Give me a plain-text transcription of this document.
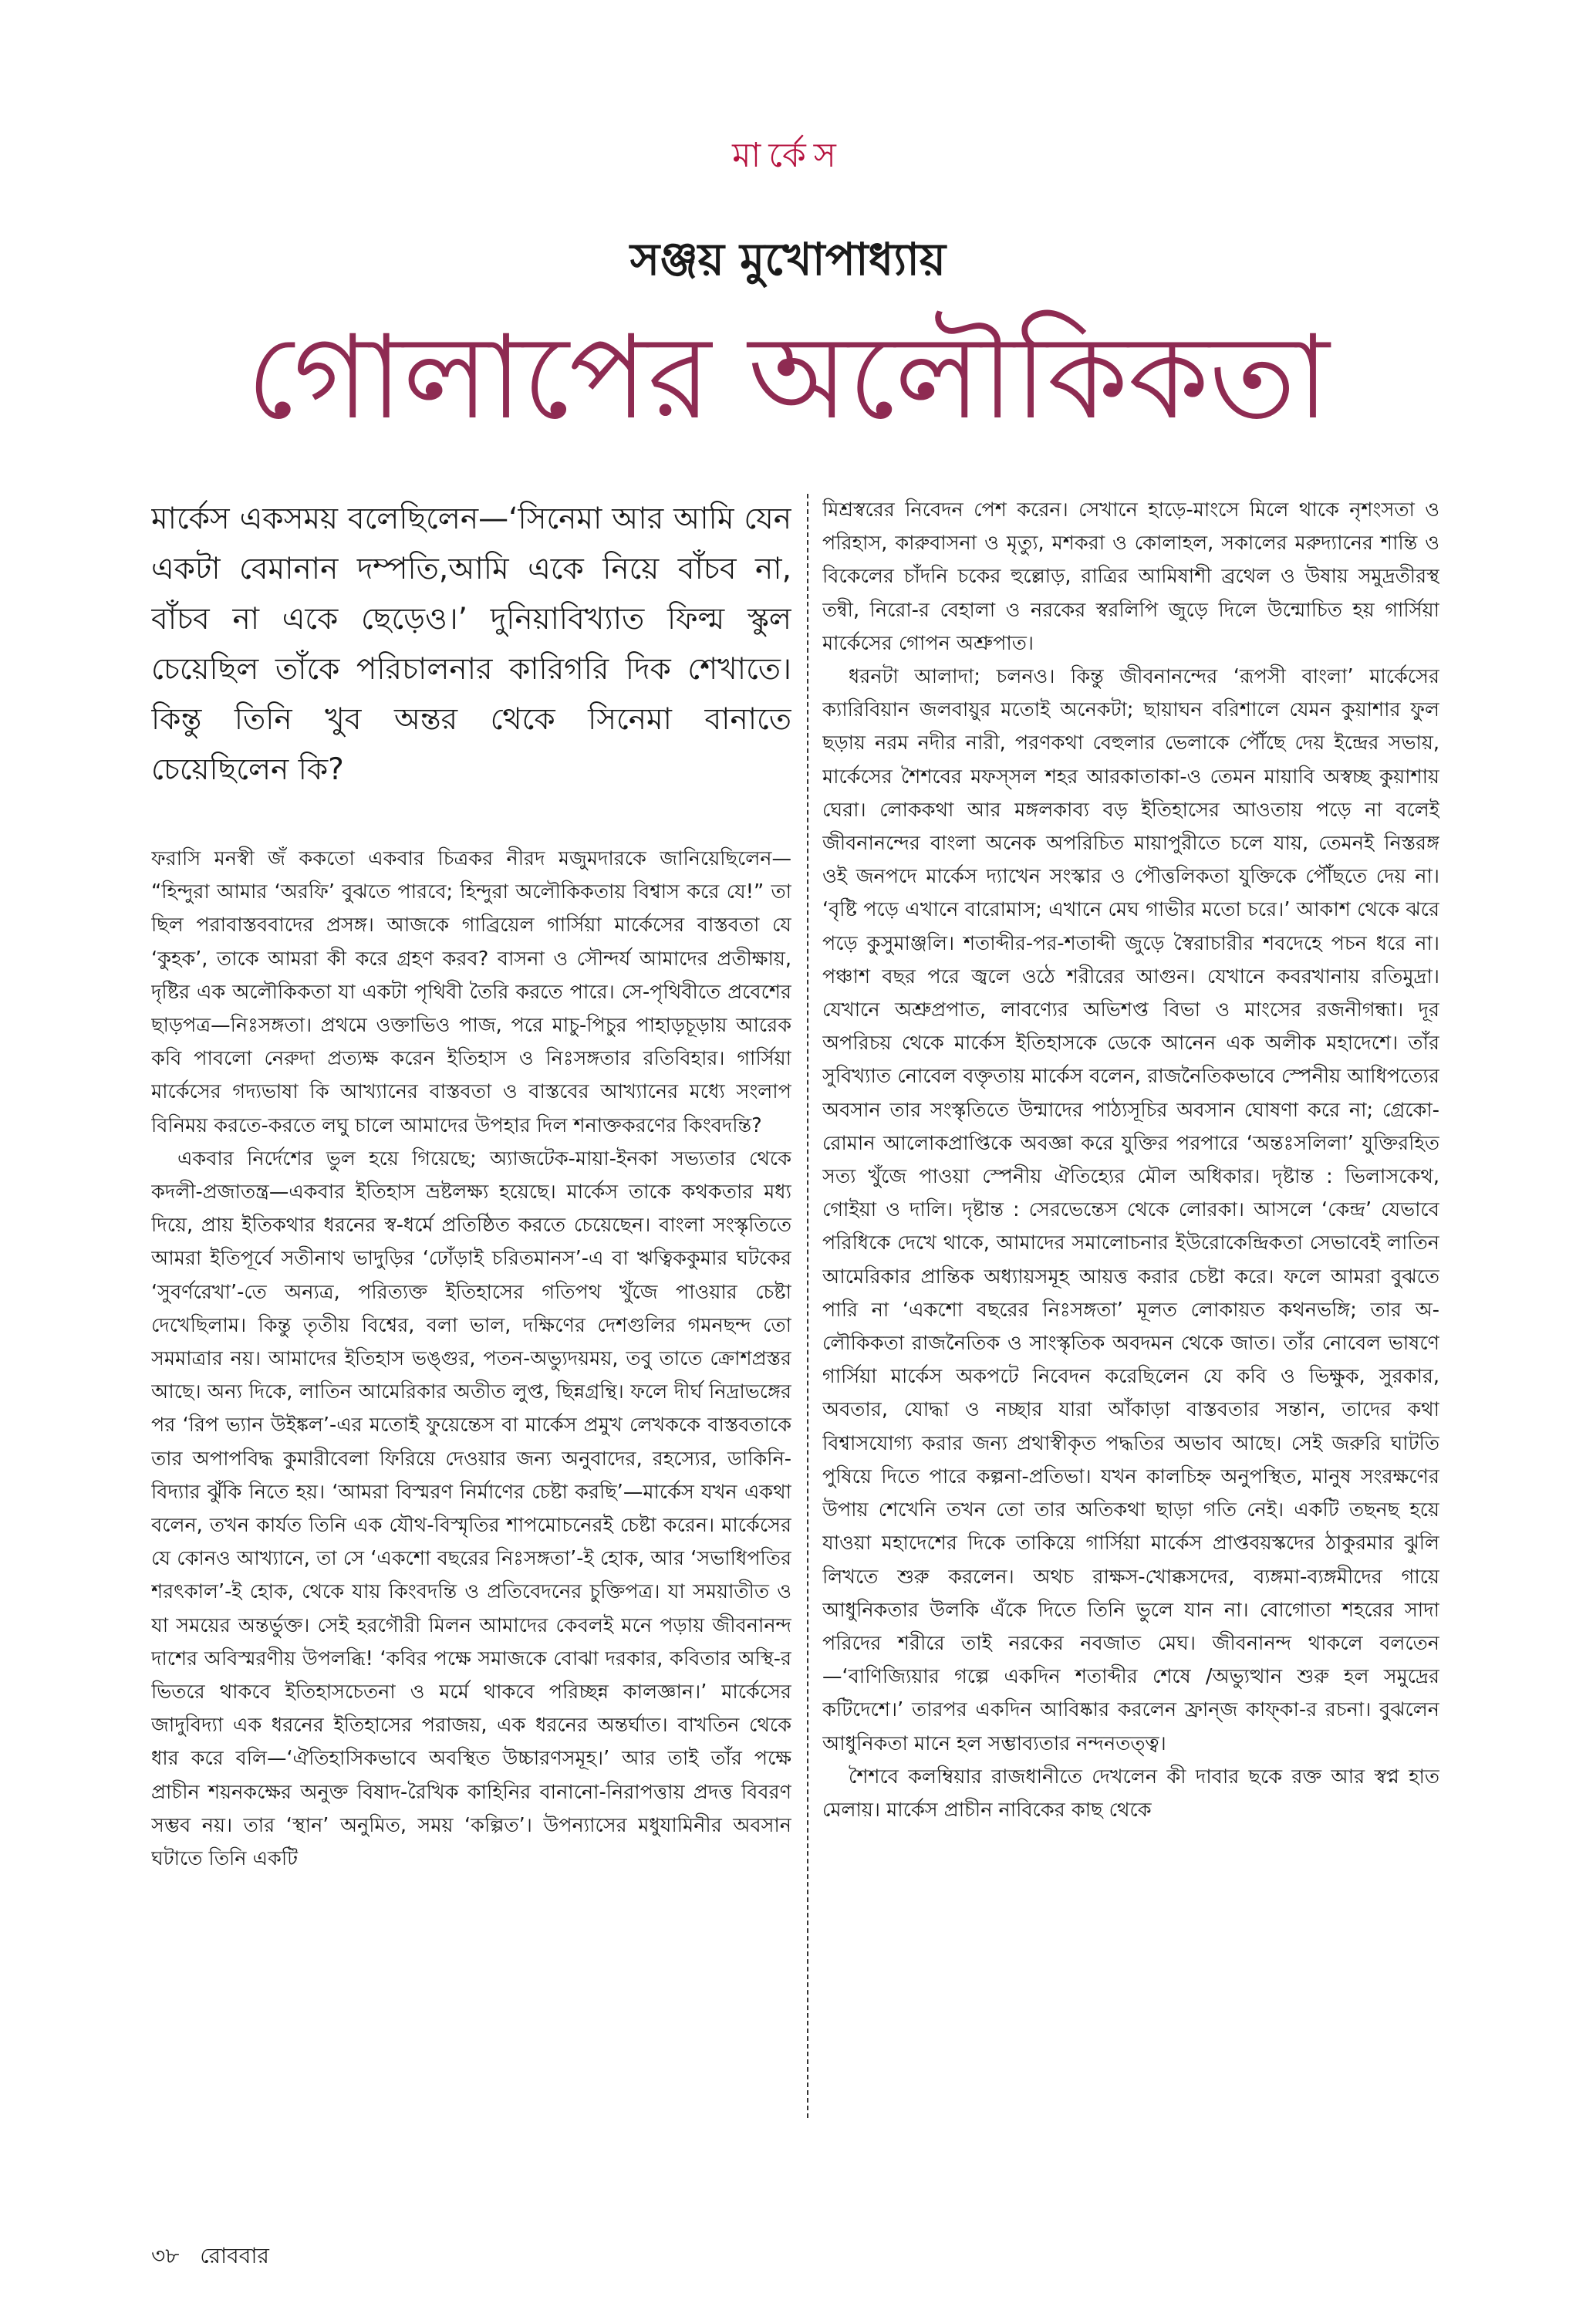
মার্কেস
সঞ্জয় মুখোপাধ্যায়
গোলাপের অলৌকিকতা

মার্কেস একসময় বলেছিলেন—‘সিনেমা আর আমি যেন একটা বেমানান দম্পতি,আমি একে নিয়ে বাঁচব না, বাঁচব না একে ছেড়েও।’ দুনিয়াবিখ্যাত ফিল্ম স্কুল চেয়েছিল তাঁকে পরিচালনার কারিগরি দিক শেখাতে। কিন্তু তিনি খুব অন্তর থেকে সিনেমা বানাতে চেয়েছিলেন কি?

ফরাসি মনস্বী জঁ ককতো একবার চিত্রকর নীরদ মজুমদারকে জানিয়েছিলেন— “হিন্দুরা আমার ‘অরফি’ বুঝতে পারবে; হিন্দুরা অলৌকিকতায় বিশ্বাস করে যে!” তা ছিল পরাবাস্তববাদের প্রসঙ্গ। আজকে গাব্রিয়েল গার্সিয়া মার্কেসের বাস্তবতা যে ‘কুহক’, তাকে আমরা কী করে গ্রহণ করব? বাসনা ও সৌন্দর্য আমাদের প্রতীক্ষায়, দৃষ্টির এক অলৌকিকতা যা একটা পৃথিবী তৈরি করতে পারে। সে-পৃথিবীতে প্রবেশের ছাড়পত্র—নিঃসঙ্গতা। প্রথমে ওক্তাভিও পাজ, পরে মাচু-পিচুর পাহাড়চূড়ায় আরেক কবি পাবলো নেরুদা প্রত্যক্ষ করেন ইতিহাস ও নিঃসঙ্গতার রতিবিহার। গার্সিয়া মার্কেসের গদ্যভাষা কি আখ্যানের বাস্তবতা ও বাস্তবের আখ্যানের মধ্যে সংলাপ বিনিময় করতে-করতে লঘু চালে আমাদের উপহার দিল শনাক্তকরণের কিংবদন্তি?

একবার নির্দেশের ভুল হয়ে গিয়েছে; অ্যাজটেক-মায়া-ইনকা সভ্যতার থেকে কদলী-প্রজাতন্ত্র—একবার ইতিহাস ভ্রষ্টলক্ষ্য হয়েছে। মার্কেস তাকে কথকতার মধ্য দিয়ে, প্রায় ইতিকথার ধরনের স্ব-ধর্মে প্রতিষ্ঠিত করতে চেয়েছেন। বাংলা সংস্কৃতিতে আমরা ইতিপূর্বে সতীনাথ ভাদুড়ির ‘ঢোঁড়াই চরিতমানস’-এ বা ঋত্বিককুমার ঘটকের ‘সুবর্ণরেখা’-তে অন্যত্র, পরিত্যক্ত ইতিহাসের গতিপথ খুঁজে পাওয়ার চেষ্টা দেখেছিলাম। কিন্তু তৃতীয় বিশ্বের, বলা ভাল, দক্ষিণের দেশগুলির গমনছন্দ তো সমমাত্রার নয়। আমাদের ইতিহাস ভঙ্গুর, পতন-অভ্যুদয়ময়, তবু তাতে ক্রোশপ্রস্তর আছে। অন্য দিকে, লাতিন আমেরিকার অতীত লুপ্ত, ছিন্নগ্রন্থি। ফলে দীর্ঘ নিদ্রাভঙ্গের পর ‘রিপ ভ্যান উইঙ্কল’-এর মতোই ফুয়েন্তেস বা মার্কেস প্রমুখ লেখককে বাস্তবতাকে তার অপাপবিদ্ধ কুমারীবেলা ফিরিয়ে দেওয়ার জন্য অনুবাদের, রহস্যের, ডাকিনি-বিদ্যার ঝুঁকি নিতে হয়। ‘আমরা বিস্মরণ নির্মাণের চেষ্টা করছি’—মার্কেস যখন একথা বলেন, তখন কার্যত তিনি এক যৌথ-বিস্মৃতির শাপমোচনেরই চেষ্টা করেন। মার্কেসের যে কোনও আখ্যানে, তা সে ‘একশো বছরের নিঃসঙ্গতা’-ই হোক, আর ‘সভাধিপতির শরৎকাল’-ই হোক, থেকে যায় কিংবদন্তি ও প্রতিবেদনের চুক্তিপত্র। যা সময়াতীত ও যা সময়ের অন্তর্ভুক্ত। সেই হরগৌরী মিলন আমাদের কেবলই মনে পড়ায় জীবনানন্দ দাশের অবিস্মরণীয় উপলব্ধি! ‘কবির পক্ষে সমাজকে বোঝা দরকার, কবিতার অস্থি-র ভিতরে থাকবে ইতিহাসচেতনা ও মর্মে থাকবে পরিচ্ছন্ন কালজ্ঞান।’ মার্কেসের জাদুবিদ্যা এক ধরনের ইতিহাসের পরাজয়, এক ধরনের অন্তর্ঘাত। বাখতিন থেকে ধার করে বলি—‘ঐতিহাসিকভাবে অবস্থিত উচ্চারণসমূহ।’ আর তাই তাঁর পক্ষে প্রাচীন শয়নকক্ষের অনুক্ত বিষাদ-রৈখিক কাহিনির বানানো-নিরাপত্তায় প্রদত্ত বিবরণ সম্ভব নয়। তার ‘স্থান’ অনুমিত, সময় ‘কল্পিত’। উপন্যাসের মধুযামিনীর অবসান ঘটাতে তিনি একটি

মিশ্রস্বরের নিবেদন পেশ করেন। সেখানে হাড়ে-মাংসে মিলে থাকে নৃশংসতা ও পরিহাস, কারুবাসনা ও মৃত্যু, মশকরা ও কোলাহল, সকালের মরুদ্যানের শান্তি ও বিকেলের চাঁদনি চকের হুল্লোড়, রাত্রির আমিষাশী ব্রথেল ও উষায় সমুদ্রতীরস্থ তন্বী, নিরো-র বেহালা ও নরকের স্বরলিপি জুড়ে দিলে উন্মোচিত হয় গার্সিয়া মার্কেসের গোপন অশ্রুপাত।

ধরনটা আলাদা; চলনও। কিন্তু জীবনানন্দের ‘রূপসী বাংলা’ মার্কেসের ক্যারিবিয়ান জলবায়ুর মতোই অনেকটা; ছায়াঘন বরিশালে যেমন কুয়াশার ফুল ছড়ায় নরম নদীর নারী, পরণকথা বেহুলার ভেলাকে পৌঁছে দেয় ইন্দ্রের সভায়, মার্কেসের শৈশবের মফস্সল শহর আরকাতাকা-ও তেমন মায়াবি অস্বচ্ছ কুয়াশায় ঘেরা। লোককথা আর মঙ্গলকাব্য বড় ইতিহাসের আওতায় পড়ে না বলেই জীবনানন্দের বাংলা অনেক অপরিচিত মায়াপুরীতে চলে যায়, তেমনই নিস্তরঙ্গ ওই জনপদে মার্কেস দ্যাখেন সংস্কার ও পৌত্তলিকতা যুক্তিকে পৌঁছতে দেয় না। ‘বৃষ্টি পড়ে এখানে বারোমাস; এখানে মেঘ গাভীর মতো চরে।’ আকাশ থেকে ঝরে পড়ে কুসুমাঞ্জলি। শতাব্দীর-পর-শতাব্দী জুড়ে স্বৈরাচারীর শবদেহে পচন ধরে না। পঞ্চাশ বছর পরে জ্বলে ওঠে শরীরের আগুন। যেখানে কবরখানায় রতিমুদ্রা। যেখানে অশ্রুপ্রপাত, লাবণ্যের অভিশপ্ত বিভা ও মাংসের রজনীগন্ধা। দূর অপরিচয় থেকে মার্কেস ইতিহাসকে ডেকে আনেন এক অলীক মহাদেশে। তাঁর সুবিখ্যাত নোবেল বক্তৃতায় মার্কেস বলেন, রাজনৈতিকভাবে স্পেনীয় আধিপত্যের অবসান তার সংস্কৃতিতে উন্মাদের পাঠ্যসূচির অবসান ঘোষণা করে না; গ্রেকো-রোমান আলোকপ্রাপ্তিকে অবজ্ঞা করে যুক্তির পরপারে ‘অন্তঃসলিলা’ যুক্তিরহিত সত্য খুঁজে পাওয়া স্পেনীয় ঐতিহ্যের মৌল অধিকার। দৃষ্টান্ত : ভিলাসকেথ, গোইয়া ও দালি। দৃষ্টান্ত : সেরভেন্তেস থেকে লোরকা। আসলে ‘কেন্দ্র’ যেভাবে পরিধিকে দেখে থাকে, আমাদের সমালোচনার ইউরোকেন্দ্রিকতা সেভাবেই লাতিন আমেরিকার প্রান্তিক অধ্যায়সমূহ আয়ত্ত করার চেষ্টা করে। ফলে আমরা বুঝতে পারি না ‘একশো বছরের নিঃসঙ্গতা’ মূলত লোকায়ত কথনভঙ্গি; তার অ-লৌকিকতা রাজনৈতিক ও সাংস্কৃতিক অবদমন থেকে জাত। তাঁর নোবেল ভাষণে গার্সিয়া মার্কেস অকপটে নিবেদন করেছিলেন যে কবি ও ভিক্ষুক, সুরকার, অবতার, যোদ্ধা ও নচ্ছার যারা আঁকাড়া বাস্তবতার সন্তান, তাদের কথা বিশ্বাসযোগ্য করার জন্য প্রথাস্বীকৃত পদ্ধতির অভাব আছে। সেই জরুরি ঘাটতি পুষিয়ে দিতে পারে কল্পনা-প্রতিভা। যখন কালচিহ্ন অনুপস্থিত, মানুষ সংরক্ষণের উপায় শেখেনি তখন তো তার অতিকথা ছাড়া গতি নেই। একটি তছনছ হয়ে যাওয়া মহাদেশের দিকে তাকিয়ে গার্সিয়া মার্কেস প্রাপ্তবয়স্কদের ঠাকুরমার ঝুলি লিখতে শুরু করলেন। অথচ রাক্ষস-খোক্কসদের, ব্যঙ্গমা-ব্যঙ্গমীদের গায়ে আধুনিকতার উলকি এঁকে দিতে তিনি ভুলে যান না। বোগোতা শহরের সাদা পরিদের শরীরে তাই নরকের নবজাত মেঘ। জীবনানন্দ থাকলে বলতেন—‘বাণিজ্যিয়ার গল্পে একদিন শতাব্দীর শেষে /অভ্যুত্থান শুরু হল সমুদ্রের কটিদেশে।’ তারপর একদিন আবিষ্কার করলেন ফ্রান্জ কাফ্কা-র রচনা। বুঝলেন আধুনিকতা মানে হল সম্ভাব্যতার নন্দনতত্ত্ব।

শৈশবে কলম্বিয়ার রাজধানীতে দেখলেন কী দাবার ছকে রক্ত আর স্বপ্ন হাত মেলায়। মার্কেস প্রাচীন নাবিকের কাছ থেকে

৩৮ রোববার
